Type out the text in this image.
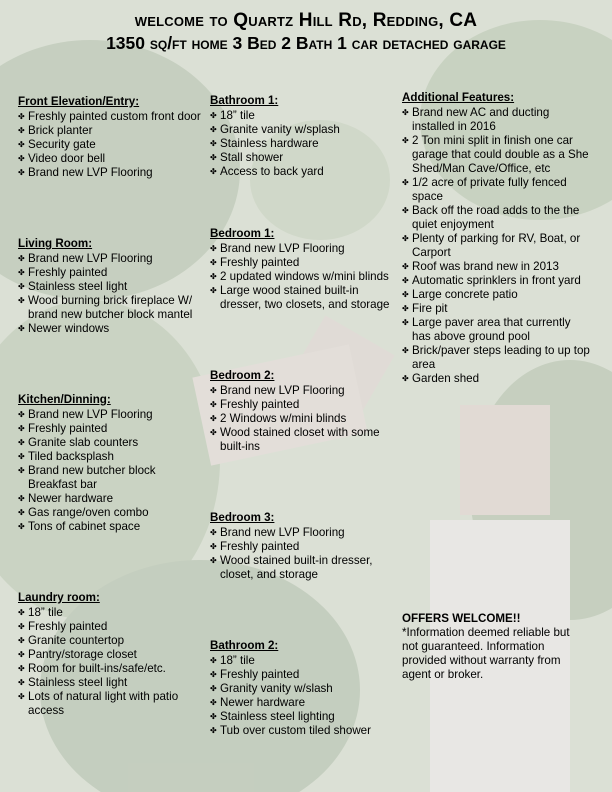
welcome to Quartz Hill Rd, Redding, CA
1350 sq/ft home 3 Bed 2 Bath 1 car detached garage
Front Elevation/Entry:
✤ Freshly painted custom front door
✤ Brick planter
✤ Security gate
✤ Video door bell
✤ Brand new LVP Flooring
Living Room:
✤ Brand new LVP Flooring
✤ Freshly painted
✤ Stainless steel light
✤ Wood burning brick fireplace W/ brand new butcher block mantel
✤ Newer windows
Kitchen/Dinning:
✤ Brand new LVP Flooring
✤ Freshly painted
✤ Granite slab counters
✤ Tiled backsplash
✤ Brand new butcher block Breakfast bar
✤ Newer hardware
✤ Gas range/oven combo
✤ Tons of cabinet space
Laundry room:
✤ 18” tile
✤ Freshly painted
✤ Granite countertop
✤ Pantry/storage closet
✤ Room for built-ins/safe/etc.
✤ Stainless steel light
✤ Lots of natural light with patio access
Bathroom 1:
✤ 18” tile
✤ Granite vanity w/splash
✤ Stainless hardware
✤ Stall shower
✤ Access to back yard
Bedroom 1:
✤ Brand new LVP Flooring
✤ Freshly painted
✤ 2 updated windows w/mini blinds
✤ Large wood stained built-in dresser, two closets, and storage
Bedroom 2:
✤ Brand new LVP Flooring
✤ Freshly painted
✤ 2 Windows w/mini blinds
✤ Wood stained closet with some built-ins
Bedroom 3:
✤ Brand new LVP Flooring
✤ Freshly painted
✤ Wood stained built-in dresser, closet, and storage
Bathroom 2:
✤ 18” tile
✤ Freshly painted
✤ Granity vanity w/slash
✤ Newer hardware
✤ Stainless steel lighting
✤ Tub over custom tiled shower
Additional Features:
✤ Brand new AC and ducting installed in 2016
✤ 2 Ton mini split in finish one car garage that could double as a She Shed/Man Cave/Office, etc
✤ 1/2 acre of private fully fenced space
✤ Back off the road adds to the the quiet enjoyment
✤ Plenty of parking for RV, Boat, or Carport
✤ Roof was brand new in 2013
✤ Automatic sprinklers in front yard
✤ Large concrete patio
✤ Fire pit
✤ Large paver area that currently has above ground pool
✤ Brick/paver steps leading to up top area
✤ Garden shed
OFFERS WELCOME!!
*Information deemed reliable but not guaranteed. Information provided without warranty from agent or broker.
